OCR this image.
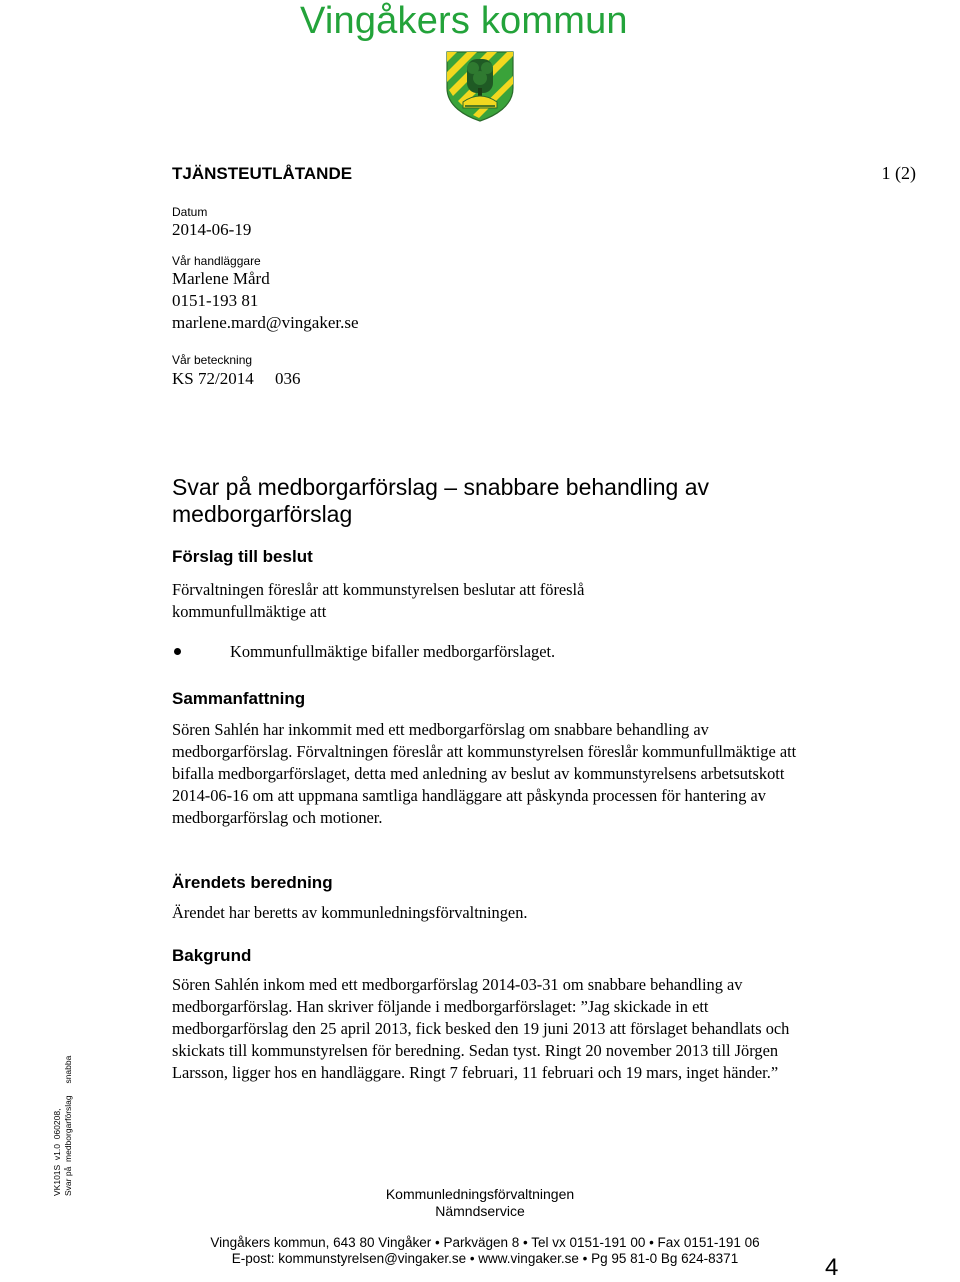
Vingåkers kommun
TJÄNSTEUTLÅTANDE	1 (2)
Datum
2014-06-19
Vår handläggare
Marlene Mård
0151-193 81
marlene.mard@vingaker.se
Vår beteckning
KS 72/2014     036
Svar på medborgarförslag – snabbare behandling av medborgarförslag
Förslag till beslut
Förvaltningen föreslår att kommunstyrelsen beslutar att föreslå kommunfullmäktige att
Kommunfullmäktige bifaller medborgarförslaget.
Sammanfattning
Sören Sahlén har inkommit med ett medborgarförslag om snabbare behandling av medborgarförslag. Förvaltningen föreslår att kommunstyrelsen föreslår kommunfullmäktige att bifalla medborgarförslaget, detta med anledning av beslut av kommunstyrelsens arbetsutskott 2014-06-16 om att uppmana samtliga handläggare att påskynda processen för hantering av medborgarförslag och motioner.
Ärendets beredning
Ärendet har beretts av kommunledningsförvaltningen.
Bakgrund
Sören Sahlén inkom med ett medborgarförslag 2014-03-31 om snabbare behandling av medborgarförslag. Han skriver följande i medborgarförslaget: ”Jag skickade in ett medborgarförslag den 25 april 2013, fick besked den 19 juni 2013 att förslaget behandlats och skickats till kommunstyrelsen för beredning. Sedan tyst. Ringt 20 november 2013 till Jörgen Larsson, ligger hos en handläggare. Ringt 7 februari, 11 februari och 19 mars, inget händer.”
VK101S  v1.0  060208, Svar på  medborgarförslag     snabba	Kommunledningsförvaltningen
Nämndservice
Vingåkers kommun, 643 80 Vingåker • Parkvägen 8 • Tel vx 0151-191 00 • Fax 0151-191 06
E-post: kommunstyrelsen@vingaker.se • www.vingaker.se • Pg 95 81-0 Bg 624-8371	4
